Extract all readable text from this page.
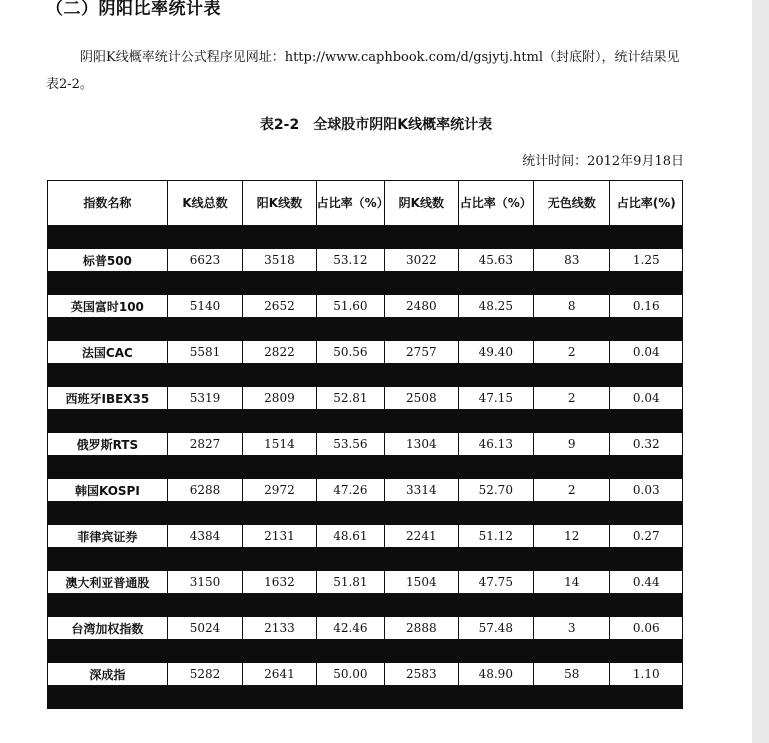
（二）阴阳比率统计表
阴阳K线概率统计公式程序见网址：http://www.caphbook.com/d/gsjytj.html（封底附），统计结果见表2-2。
表2-2 全球股市阴阳K线概率统计表
统计时间：2012年9月18日
指数名称	K线总数	阳K线数	占比率（%）	阴K线数	占比率（%）	无色线数	占比率(%)

标普500	6623	3518	53.12	3022	45.63	83	1.25

英国富时100	5140	2652	51.60	2480	48.25	8	0.16

法国CAC	5581	2822	50.56	2757	49.40	2	0.04

西班牙IBEX35	5319	2809	52.81	2508	47.15	2	0.04

俄罗斯RTS	2827	1514	53.56	1304	46.13	9	0.32

韩国KOSPI	6288	2972	47.26	3314	52.70	2	0.03

菲律宾证券	4384	2131	48.61	2241	51.12	12	0.27

澳大利亚普通股	3150	1632	51.81	1504	47.75	14	0.44

台湾加权指数	5024	2133	42.46	2888	57.48	3	0.06

深成指	5282	2641	50.00	2583	48.90	58	1.10
